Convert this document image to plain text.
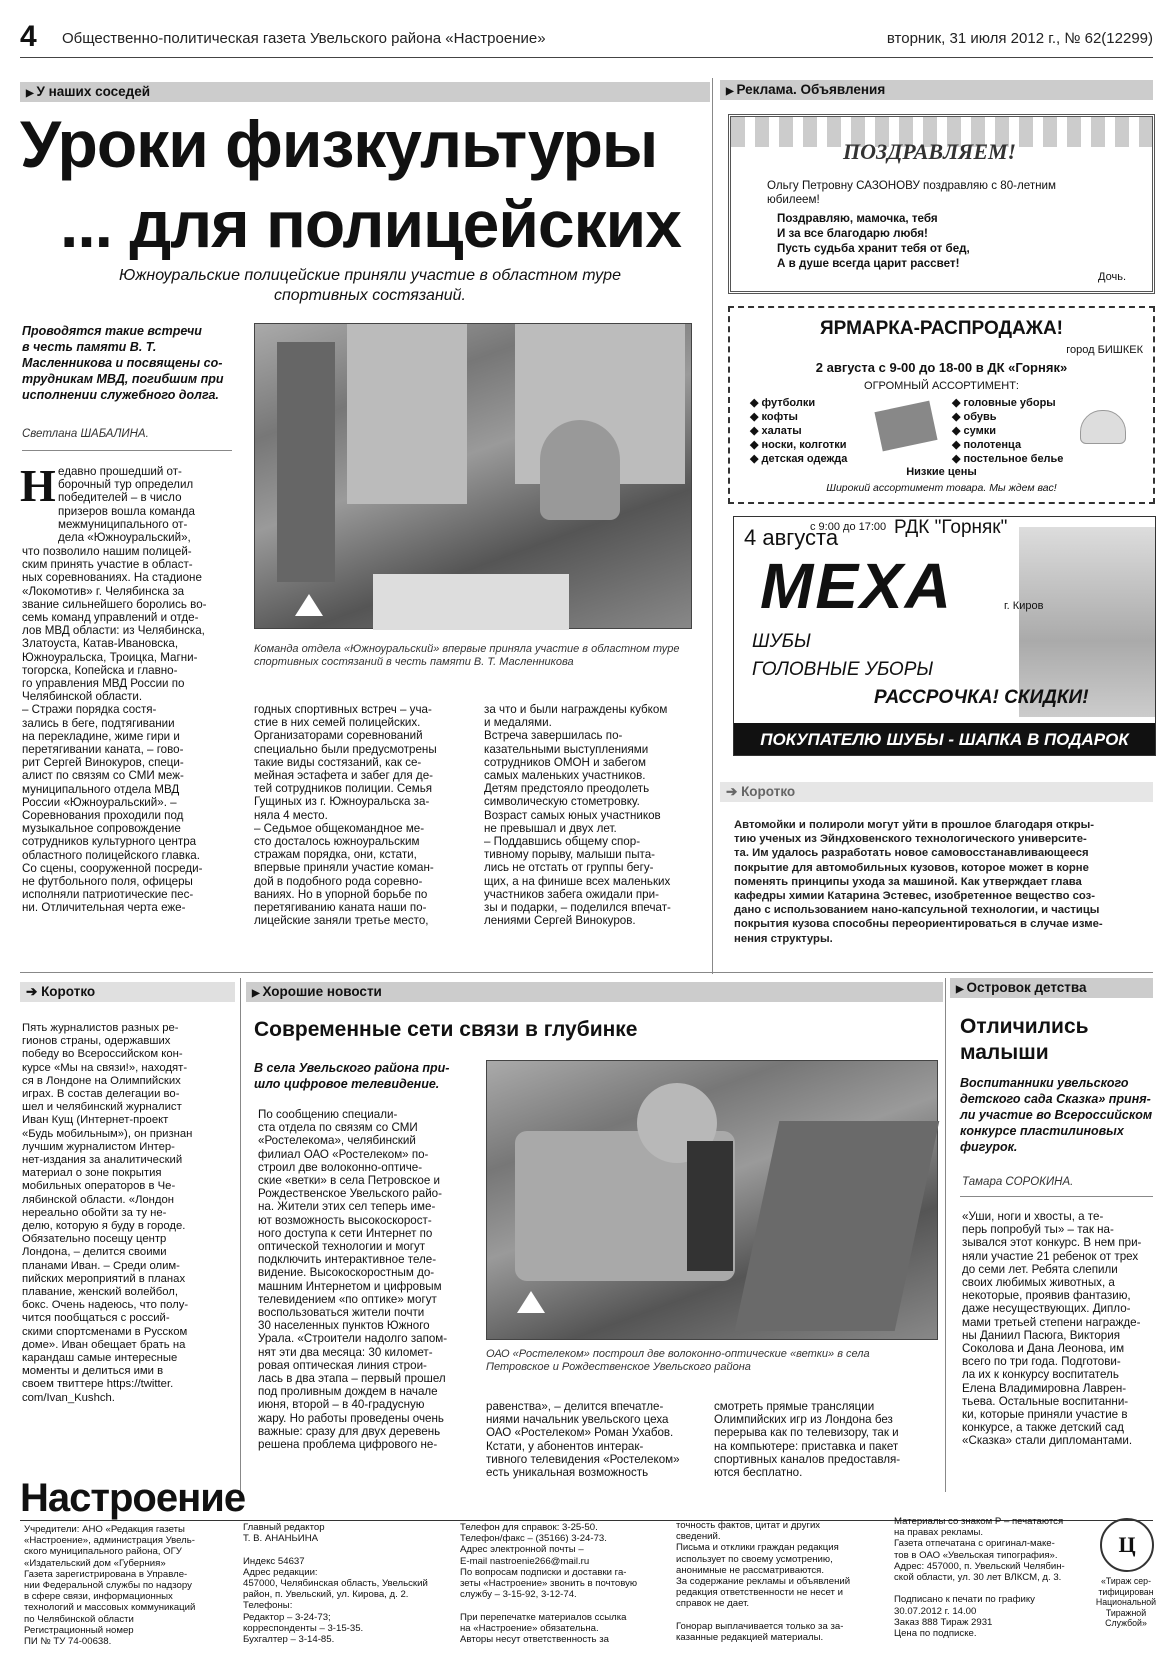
4 Общественно-политическая газета Увельского района «Настроение»	вторник, 31 июля 2012 г., № 62(12299)
▶ У наших соседей
Уроки физкультуры
... для полицейских
Южноуральские полицейские приняли участие в областном туре
спортивных состязаний.
Проводятся такие встречи
в честь памяти В. Т.
Масленникова и посвящены со-
трудникам МВД, погибшим при
исполнении служебного долга.
Светлана ШАБАЛИНА.
Команда отдела «Южноуральский» впервые приняла участие в областном туре
спортивных состязаний в честь памяти В. Т. Масленникова
Н едавно прошедший от-
борочный тур определил
победителей – в число
призеров вошла команда
межмуниципального от-
дела «Южноуральский»,
что позволило нашим полицей-
ским принять участие в област-
ных соревнованиях. На стадионе
«Локомотив» г. Челябинска за
звание сильнейшего боролись во-
семь команд управлений и отде-
лов МВД области: из Челябинска,
Златоуста, Катав-Ивановска,
Южноуральска, Троицка, Магни-
тогорска, Копейска и главно-
го управления МВД России по
Челябинской области.
– Стражи порядка состя-
зались в беге, подтягивании
на перекладине, жиме гири и
перетягивании каната, – гово-
рит Сергей Винокуров, специ-
алист по связям со СМИ меж-
муниципального отдела МВД
России «Южноуральский». –
Соревнования проходили под
музыкальное сопровождение
сотрудников культурного центра
областного полицейского главка.
Со сцены, сооруженной посреди-
не футбольного поля, офицеры
исполняли патриотические пес-
ни. Отличительная черта еже-
годных спортивных встреч – уча-
стие в них семей полицейских.
Организаторами соревнований
специально были предусмотрены
такие виды состязаний, как се-
мейная эстафета и забег для де-
тей сотрудников полиции. Семья
Гущиных из г. Южноуральска за-
няла 4 место.
– Седьмое общекомандное ме-
сто досталось южноуральским
стражам порядка, они, кстати,
впервые приняли участие коман-
дой в подобного рода соревно-
ваниях. Но в упорной борьбе по
перетягиванию каната наши по-
лицейские заняли третье место,
за что и были награждены кубком
и медалями.
Встреча завершилась по-
казательными выступлениями
сотрудников ОМОН и забегом
самых маленьких участников.
Детям предстояло преодолеть
символическую стометровку.
Возраст самых юных участников
не превышал и двух лет.
– Поддавшись общему спор-
тивному порыву, малыши пыта-
лись не отстать от группы бегу-
щих, а на финише всех маленьких
участников забега ожидали при-
зы и подарки, – поделился впечат-
лениями Сергей Винокуров.
▶ Реклама. Объявления
ПОЗДРАВЛЯЕМ!
Ольгу Петровну САЗОНОВУ поздравляю с 80-летним
юбилеем!
Поздравляю, мамочка, тебя
И за все благодарю любя!
Пусть судьба хранит тебя от бед,
А в душе всегда царит рассвет!
Дочь.
ЯРМАРКА-РАСПРОДАЖА!
город БИШКЕК
2 августа с 9-00 до 18-00 в ДК «Горняк»
ОГРОМНЫЙ АССОРТИМЕНТ:
◆ футболки
◆ кофты
◆ халаты
◆ носки, колготки
◆ детская одежда
◆ головные уборы
◆ обувь
◆ сумки
◆ полотенца
◆ постельное белье
Низкие цены
Широкий ассортимент товара. Мы ждем вас!
4 августа
с 9:00 до 17:00 РДК "Горняк"
МЕХА	г. Киров
ШУБЫ
ГОЛОВНЫЕ УБОРЫ
РАССРОЧКА! СКИДКИ!
ПОКУПАТЕЛЮ ШУБЫ - ШАПКА В ПОДАРОК
➔ Коротко
Автомойки и полироли могут уйти в прошлое благодаря откры-
тию ученых из Эйндховенского технологического университе-
та. Им удалось разработать новое самовосстанавливающееся
покрытие для автомобильных кузовов, которое может в корне
поменять принципы ухода за машиной. Как утверждает глава
кафедры химии Катарина Эстевес, изобретенное вещество соз-
дано с использованием нано-капсульной технологии, и частицы
покрытия кузова способны переориентироваться в случае изме-
нения структуры.
➔ Коротко
Пять журналистов разных ре-
гионов страны, одержавших
победу во Всероссийском кон-
курсе «Мы на связи!», находят-
ся в Лондоне на Олимпийских
играх. В состав делегации во-
шел и челябинский журналист
Иван Кущ (Интернет-проект
«Будь мобильным»), он признан
лучшим журналистом Интер-
нет-издания за аналитический
материал о зоне покрытия
мобильных операторов в Че-
лябинской области. «Лондон
нереально обойти за ту не-
делю, которую я буду в городе.
Обязательно посещу центр
Лондона, – делится своими
планами Иван. – Среди олим-
пийских мероприятий в планах
плавание, женский волейбол,
бокс. Очень надеюсь, что полу-
чится пообщаться с россий-
скими спортсменами в Русском
доме». Иван обещает брать на
карандаш самые интересные
моменты и делиться ими в
своем твиттере https://twitter.
com/Ivan_Kushch.
▶ Хорошие новости
Современные сети связи в глубинке
В села Увельского района при-
шло цифровое телевидение.
По сообщению специали-
ста отдела по связям со СМИ
«Ростелекома», челябинский
филиал ОАО «Ростелеком» по-
строил две волоконно-оптиче-
ские «ветки» в села Петровское и
Рождественское Увельского райо-
на. Жители этих сел теперь име-
ют возможность высокоскорост-
ного доступа к сети Интернет по
оптической технологии и могут
подключить интерактивное теле-
видение. Высокоскоростным до-
машним Интернетом и цифровым
телевидением «по оптике» могут
воспользоваться жители почти
30 населенных пунктов Южного
Урала. «Строители надолго запом-
нят эти два месяца: 30 километ-
ровая оптическая линия строи-
лась в два этапа – первый прошел
под проливным дождем в начале
июня, второй – в 40-градусную
жару. Но работы проведены очень
важные: сразу для двух деревень
решена проблема цифрового не-
ОАО «Ростелеком» построил две волоконно-оптические «ветки» в села
Петровское и Рождественское Увельского района
равенства», – делится впечатле-
ниями начальник увельского цеха
ОАО «Ростелеком» Роман Ухабов.
Кстати, у абонентов интерак-
тивного телевидения «Ростелеком»
есть уникальная возможность
смотреть прямые трансляции
Олимпийских игр из Лондона без
перерыва как по телевизору, так и
на компьютере: приставка и пакет
спортивных каналов предоставля-
ются бесплатно.
▶ Островок детства
Отличились
малыши
Воспитанники увельского
детского сада Сказка» приня-
ли участие во Всероссийском
конкурсе пластилиновых
фигурок.
Тамара СОРОКИНА.
«Уши, ноги и хвосты, а те-
перь попробуй ты» – так на-
зывался этот конкурс. В нем при-
няли участие 21 ребенок от трех
до семи лет. Ребята слепили
своих любимых животных, а
некоторые, проявив фантазию,
даже несуществующих. Дипло-
мами третьей степени награжде-
ны Даниил Пасюга, Виктория
Соколова и Дана Леонова, им
всего по три года. Подготови-
ла их к конкурсу воспитатель
Елена Владимировна Лаврен-
тьева. Остальные воспитанни-
ки, которые приняли участие в
конкурсе, а также детский сад
«Сказка» стали дипломантами.
Настроение
Учредители: АНО «Редакция газеты
«Настроение», администрация Увель-
ского муниципального района, ОГУ
«Издательский дом «Губерния»
Газета зарегистрирована в Управле-
нии Федеральной службы по надзору
в сфере связи, информационных
технологий и массовых коммуникаций
по Челябинской области
Регистрационный номер
ПИ № ТУ 74-00638.
Главный редактор
Т. В. АНАНЬИНА

Индекс 54637
Адрес редакции:
457000, Челябинская область, Увельский
район, п. Увельский, ул. Кирова, д. 2.
Телефоны:
Редактор – 3-24-73;
корреспонденты – 3-15-35.
Бухгалтер – 3-14-85.
Телефон для справок: 3-25-50.
Телефон/факс – (35166) 3-24-73.
Адрес электронной почты –
E-mail nastroenie266@mail.ru
По вопросам подписки и доставки га-
зеты «Настроение» звонить в почтовую
службу – 3-15-92, 3-12-74.

При перепечатке материалов ссылка
на «Настроение» обязательна.
Авторы несут ответственность за
точность фактов, цитат и других
сведений.
Письма и отклики граждан редакция
использует по своему усмотрению,
анонимные не рассматриваются.
За содержание рекламы и объявлений
редакция ответственности не несет и
справок не дает.

Гонорар выплачивается только за за-
казанные редакцией материалы.
Материалы со знаком Р – печатаются
на правах рекламы.
Газета отпечатана с оригинал-маке-
тов в ОАО «Увельская типография».
Адрес: 457000, п. Увельский Челябин-
ской области, ул. 30 лет ВЛКСМ, д. 3.

Подписано к печати по графику
30.07.2012 г. 14.00
Заказ 888 Тираж 2931
Цена по подписке.
Ц
«Тираж сер-
тифицирован
Национальной
Тиражной
Службой»
